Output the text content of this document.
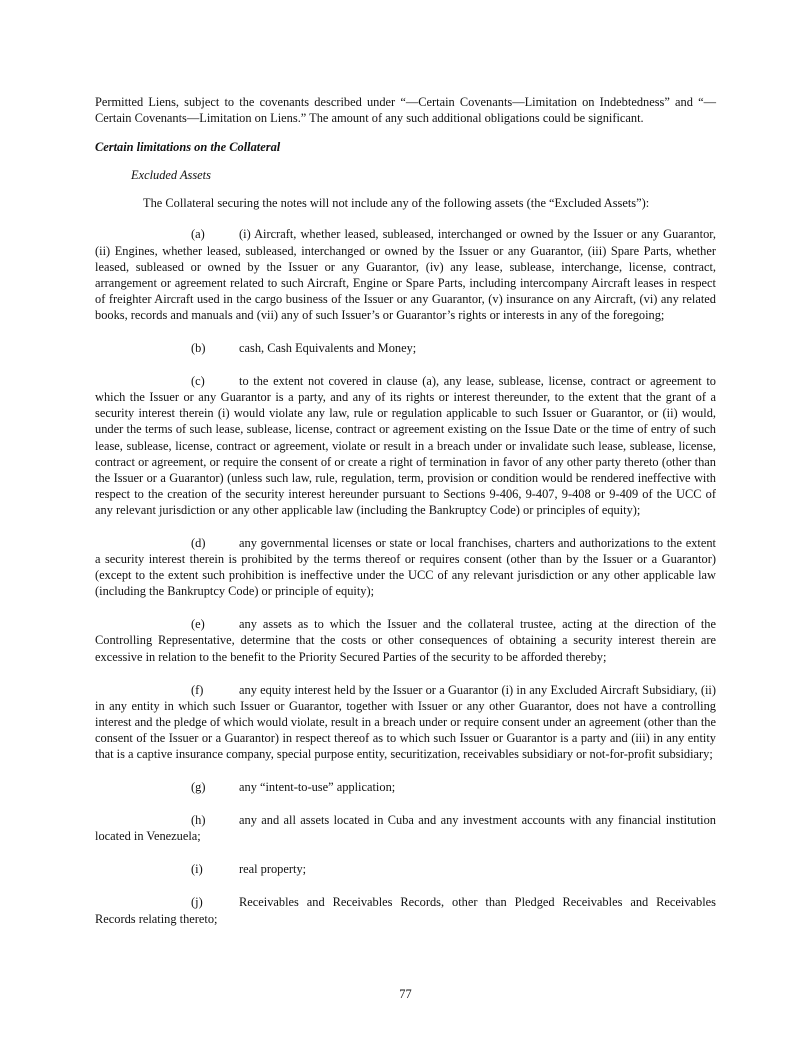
Permitted Liens, subject to the covenants described under “—Certain Covenants—Limitation on Indebtedness” and “—Certain Covenants—Limitation on Liens.” The amount of any such additional obligations could be significant.

Certain limitations on the Collateral

Excluded Assets

The Collateral securing the notes will not include any of the following assets (the “Excluded Assets”):

(a)	(i) Aircraft, whether leased, subleased, interchanged or owned by the Issuer or any Guarantor, (ii) Engines, whether leased, subleased, interchanged or owned by the Issuer or any Guarantor, (iii) Spare Parts, whether leased, subleased or owned by the Issuer or any Guarantor, (iv) any lease, sublease, interchange, license, contract, arrangement or agreement related to such Aircraft, Engine or Spare Parts, including intercompany Aircraft leases in respect of freighter Aircraft used in the cargo business of the Issuer or any Guarantor, (v) insurance on any Aircraft, (vi) any related books, records and manuals and (vii) any of such Issuer’s or Guarantor’s rights or interests in any of the foregoing;

(b)	cash, Cash Equivalents and Money;

(c)	to the extent not covered in clause (a), any lease, sublease, license, contract or agreement to which the Issuer or any Guarantor is a party, and any of its rights or interest thereunder, to the extent that the grant of a security interest therein (i) would violate any law, rule or regulation applicable to such Issuer or Guarantor, or (ii) would, under the terms of such lease, sublease, license, contract or agreement existing on the Issue Date or the time of entry of such lease, sublease, license, contract or agreement, violate or result in a breach under or invalidate such lease, sublease, license, contract or agreement, or require the consent of or create a right of termination in favor of any other party thereto (other than the Issuer or a Guarantor) (unless such law, rule, regulation, term, provision or condition would be rendered ineffective with respect to the creation of the security interest hereunder pursuant to Sections 9-406, 9-407, 9-408 or 9-409 of the UCC of any relevant jurisdiction or any other applicable law (including the Bankruptcy Code) or principles of equity);

(d)	any governmental licenses or state or local franchises, charters and authorizations to the extent a security interest therein is prohibited by the terms thereof or requires consent (other than by the Issuer or a Guarantor) (except to the extent such prohibition is ineffective under the UCC of any relevant jurisdiction or any other applicable law (including the Bankruptcy Code) or principle of equity);

(e)	any assets as to which the Issuer and the collateral trustee, acting at the direction of the Controlling Representative, determine that the costs or other consequences of obtaining a security interest therein are excessive in relation to the benefit to the Priority Secured Parties of the security to be afforded thereby;

(f)	any equity interest held by the Issuer or a Guarantor (i) in any Excluded Aircraft Subsidiary, (ii) in any entity in which such Issuer or Guarantor, together with Issuer or any other Guarantor, does not have a controlling interest and the pledge of which would violate, result in a breach under or require consent under an agreement (other than the consent of the Issuer or a Guarantor) in respect thereof as to which such Issuer or Guarantor is a party and (iii) in any entity that is a captive insurance company, special purpose entity, securitization, receivables subsidiary or not-for-profit subsidiary;

(g)	any “intent-to-use” application;

(h)	any and all assets located in Cuba and any investment accounts with any financial institution located in Venezuela;

(i)	real property;

(j)	Receivables and Receivables Records, other than Pledged Receivables and Receivables Records relating thereto;

77
